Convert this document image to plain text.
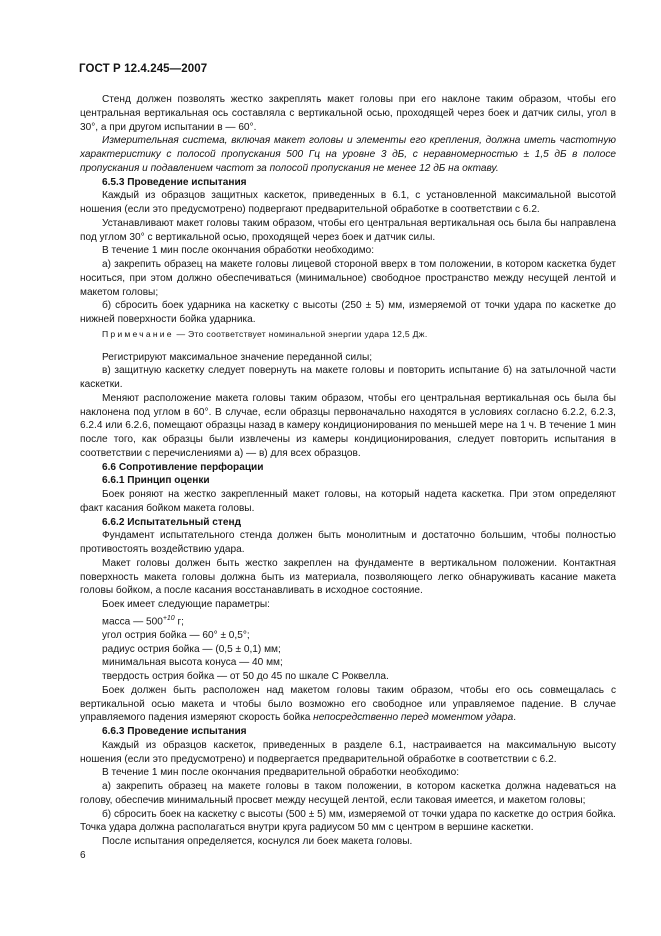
ГОСТ Р 12.4.245—2007

Стенд должен позволять жестко закреплять макет головы при его наклоне таким образом, чтобы его центральная вертикальная ось составляла с вертикальной осью, проходящей через боек и датчик силы, угол в 30°, а при другом испытании в — 60°.

Измерительная система, включая макет головы и элементы его крепления, должна иметь частотную характеристику с полосой пропускания 500 Гц на уровне 3 дБ, с неравномерностью ± 1,5 дБ в полосе пропускания и подавлением частот за полосой пропускания не менее 12 дБ на октаву.

6.5.3 Проведение испытания

Каждый из образцов защитных каскеток, приведенных в 6.1, с установленной максимальной высотой ношения (если это предусмотрено) подвергают предварительной обработке в соответствии с 6.2.

Устанавливают макет головы таким образом, чтобы его центральная вертикальная ось была бы направлена под углом 30° с вертикальной осью, проходящей через боек и датчик силы.

В течение 1 мин после окончания обработки необходимо:

а) закрепить образец на макете головы лицевой стороной вверх в том положении, в котором каскетка будет носиться, при этом должно обеспечиваться (минимальное) свободное пространство между несущей лентой и макетом головы;

б) сбросить боек ударника на каскетку с высоты (250 ± 5) мм, измеряемой от точки удара по каскетке до нижней поверхности бойка ударника.

Примечание — Это соответствует номинальной энергии удара 12,5 Дж.

Регистрируют максимальное значение переданной силы;

в) защитную каскетку следует повернуть на макете головы и повторить испытание б) на затылочной части каскетки.

Меняют расположение макета головы таким образом, чтобы его центральная вертикальная ось была бы наклонена под углом в 60°. В случае, если образцы первоначально находятся в условиях согласно 6.2.2, 6.2.3, 6.2.4 или 6.2.6, помещают образцы назад в камеру кондиционирования по меньшей мере на 1 ч. В течение 1 мин после того, как образцы были извлечены из камеры кондиционирования, следует повторить испытания в соответствии с перечислениями а) — в) для всех образцов.

6.6 Сопротивление перфорации
6.6.1 Принцип оценки

Боек роняют на жестко закрепленный макет головы, на который надета каскетка. При этом определяют факт касания бойком макета головы.

6.6.2 Испытательный стенд

Фундамент испытательного стенда должен быть монолитным и достаточно большим, чтобы полностью противостоять воздействию удара.

Макет головы должен быть жестко закреплен на фундаменте в вертикальном положении. Контактная поверхность макета головы должна быть из материала, позволяющего легко обнаруживать касание макета головы бойком, а после касания восстанавливать в исходное состояние.

Боек имеет следующие параметры:

масса — $500^{+10}$ г;

угол острия бойка — 60° ± 0,5°;

радиус острия бойка — (0,5 ± 0,1) мм;

минимальная высота конуса — 40 мм;

твердость острия бойка — от 50 до 45 по шкале С Роквелла.

Боек должен быть расположен над макетом головы таким образом, чтобы его ось совмещалась с вертикальной осью макета и чтобы было возможно его свободное или управляемое падение. В случае управляемого падения измеряют скорость бойка непосредственно перед моментом удара.

6.6.3 Проведение испытания

Каждый из образцов каскеток, приведенных в разделе 6.1, настраивается на максимальную высоту ношения (если это предусмотрено) и подвергается предварительной обработке в соответствии с 6.2.

В течение 1 мин после окончания предварительной обработки необходимо:

а) закрепить образец на макете головы в таком положении, в котором каскетка должна надеваться на голову, обеспечив минимальный просвет между несущей лентой, если таковая имеется, и макетом головы;

б) сбросить боек на каскетку с высоты (500 ± 5) мм, измеряемой от точки удара по каскетке до острия бойка. Точка удара должна располагаться внутри круга радиусом 50 мм с центром в вершине каскетки.

После испытания определяется, коснулся ли боек макета головы.

6
